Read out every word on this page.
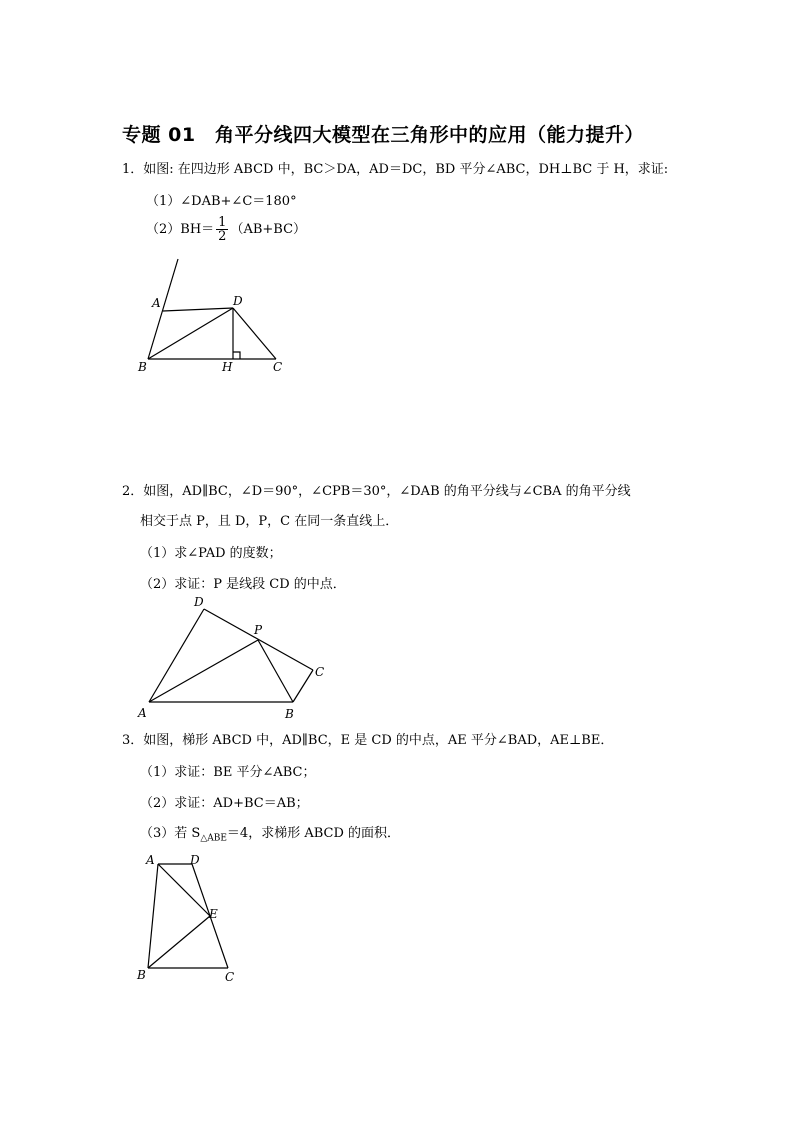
专题 01　角平分线四大模型在三角形中的应用（能力提升）
1．如图: 在四边形 ABCD 中，BC＞DA，AD＝DC，BD 平分∠ABC，DH⊥BC 于 H，求证:
（1）∠DAB+∠C＝180°
$(2)BH= \frac{1}{2} (AB+BC)$
2．如图，AD∥BC，∠D＝90°，∠CPB＝30°，∠DAB 的角平分线与∠CBA 的角平分线
相交于点 P，且 D，P，C 在同一条直线上．
（1）求∠PAD 的度数；
（2）求证：P 是线段 CD 的中点．
3．如图，梯形 ABCD 中，AD∥BC，E 是 CD 的中点，AE 平分∠BAD，AE⊥BE．
（1）求证：BE 平分∠ABC；
（2）求证：AD+BC＝AB；
（3）若 $S_{\triangle ABE}=4$，求梯形 ABCD 的面积．
A	D
B	H	C
D
P
C
A	B
A	D
E
B	C
